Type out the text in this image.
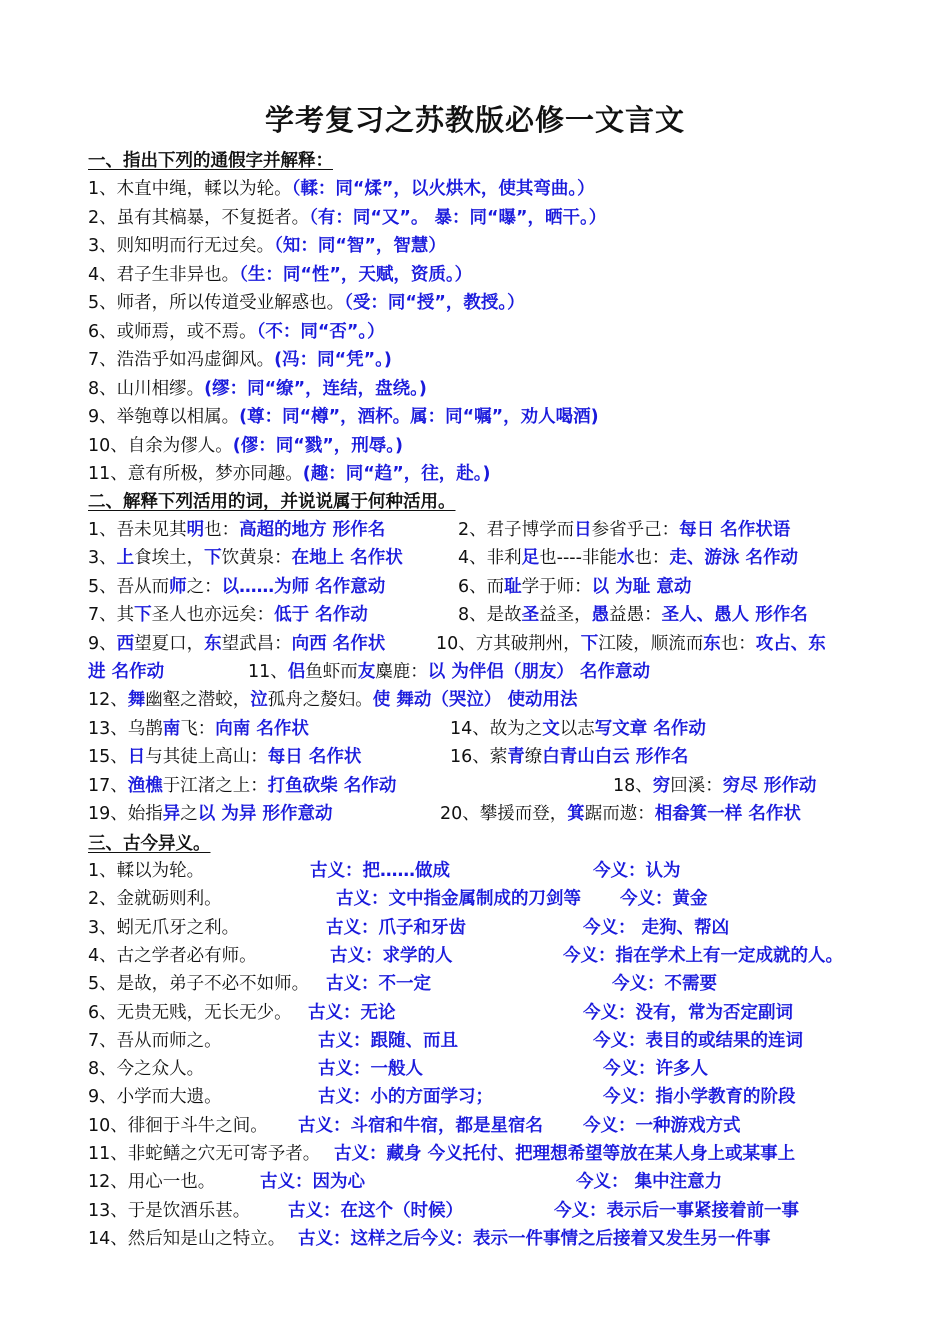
学考复习之苏教版必修一文言文
一、指出下列的通假字并解释：
1、木直中绳，輮以为轮。（輮：同“煣”，以火烘木，使其弯曲。）
2、虽有其槁暴，不复挺者。（有：同“又”。 暴：同“曝”，晒干。）
3、则知明而行无过矣。（知：同“智”，智慧）
4、君子生非异也。（生：同“性”，天赋，资质。）
5、师者，所以传道受业解惑也。（受：同“授”，教授。）
6、或师焉，或不焉。（不：同“否”。）
7、浩浩乎如冯虚御风。(冯：同“凭”。)
8、山川相缪。(缪：同“缭”，连结，盘绕。)
9、举匏尊以相属。(尊：同“樽”，酒杯。属：同“嘱”，劝人喝酒)
10、自余为僇人。(僇：同“戮”，刑辱。)
11、意有所极，梦亦同趣。(趣：同“趋”，往，赴。)
二、解释下列活用的词，并说说属于何种活用。
1、吾未见其明也：高超的地方 形作名	2、君子博学而日参省乎己：每日 名作状语
3、上食埃土，下饮黄泉：在地上 名作状	4、非利足也----非能水也：走、游泳 名作动
5、吾从而师之：以……为师 名作意动	6、而耻学于师：以 为耻 意动
7、其下圣人也亦远矣：低于 名作动	8、是故圣益圣，愚益愚：圣人、愚人 形作名
9、西望夏口，东望武昌：向西 名作状	10、方其破荆州，下江陵，顺流而东也：攻占、东
进 名作动	11、侣鱼虾而友麋鹿：以 为伴侣（朋友） 名作意动
12、舞幽壑之潜蛟，泣孤舟之嫠妇。使 舞动（哭泣） 使动用法
13、乌鹊南飞：向南 名作状	14、故为之文以志写文章 名作动
15、日与其徒上高山：每日 名作状	16、萦青缭白青山白云 形作名
17、渔樵于江渚之上：打鱼砍柴 名作动	18、穷回溪：穷尽 形作动
19、始指异之以 为异 形作意动	20、攀援而登，箕踞而遨：相畚箕一样 名作状
三、古今异义。
1、輮以为轮。	古义：把……做成	今义：认为
2、金就砺则利。	古义：文中指金属制成的刀剑等 今义：黄金
3、蚓无爪牙之利。	古义：爪子和牙齿	今义： 走狗、帮凶
4、古之学者必有师。	古义：求学的人	今义：指在学术上有一定成就的人。
5、是故，弟子不必不如师。 古义：不一定	今义：不需要
6、无贵无贱，无长无少。 古义：无论	今义：没有，常为否定副词
7、吾从而师之。	古义：跟随、而且	今义：表目的或结果的连词
8、今之众人。	古义：一般人	今义：许多人
9、小学而大遗。	古义：小的方面学习；	今义：指小学教育的阶段
10、徘徊于斗牛之间。 古义：斗宿和牛宿，都是星宿名 今义：一种游戏方式
11、非蛇鳝之穴无可寄予者。 古义：藏身 今义托付、把理想希望等放在某人身上或某事上
12、用心一也。	古义：因为心	今义： 集中注意力
13、于是饮酒乐甚。 古义：在这个（时候）	今义：表示后一事紧接着前一事
14、然后知是山之特立。 古义：这样之后今义：表示一件事情之后接着又发生另一件事
